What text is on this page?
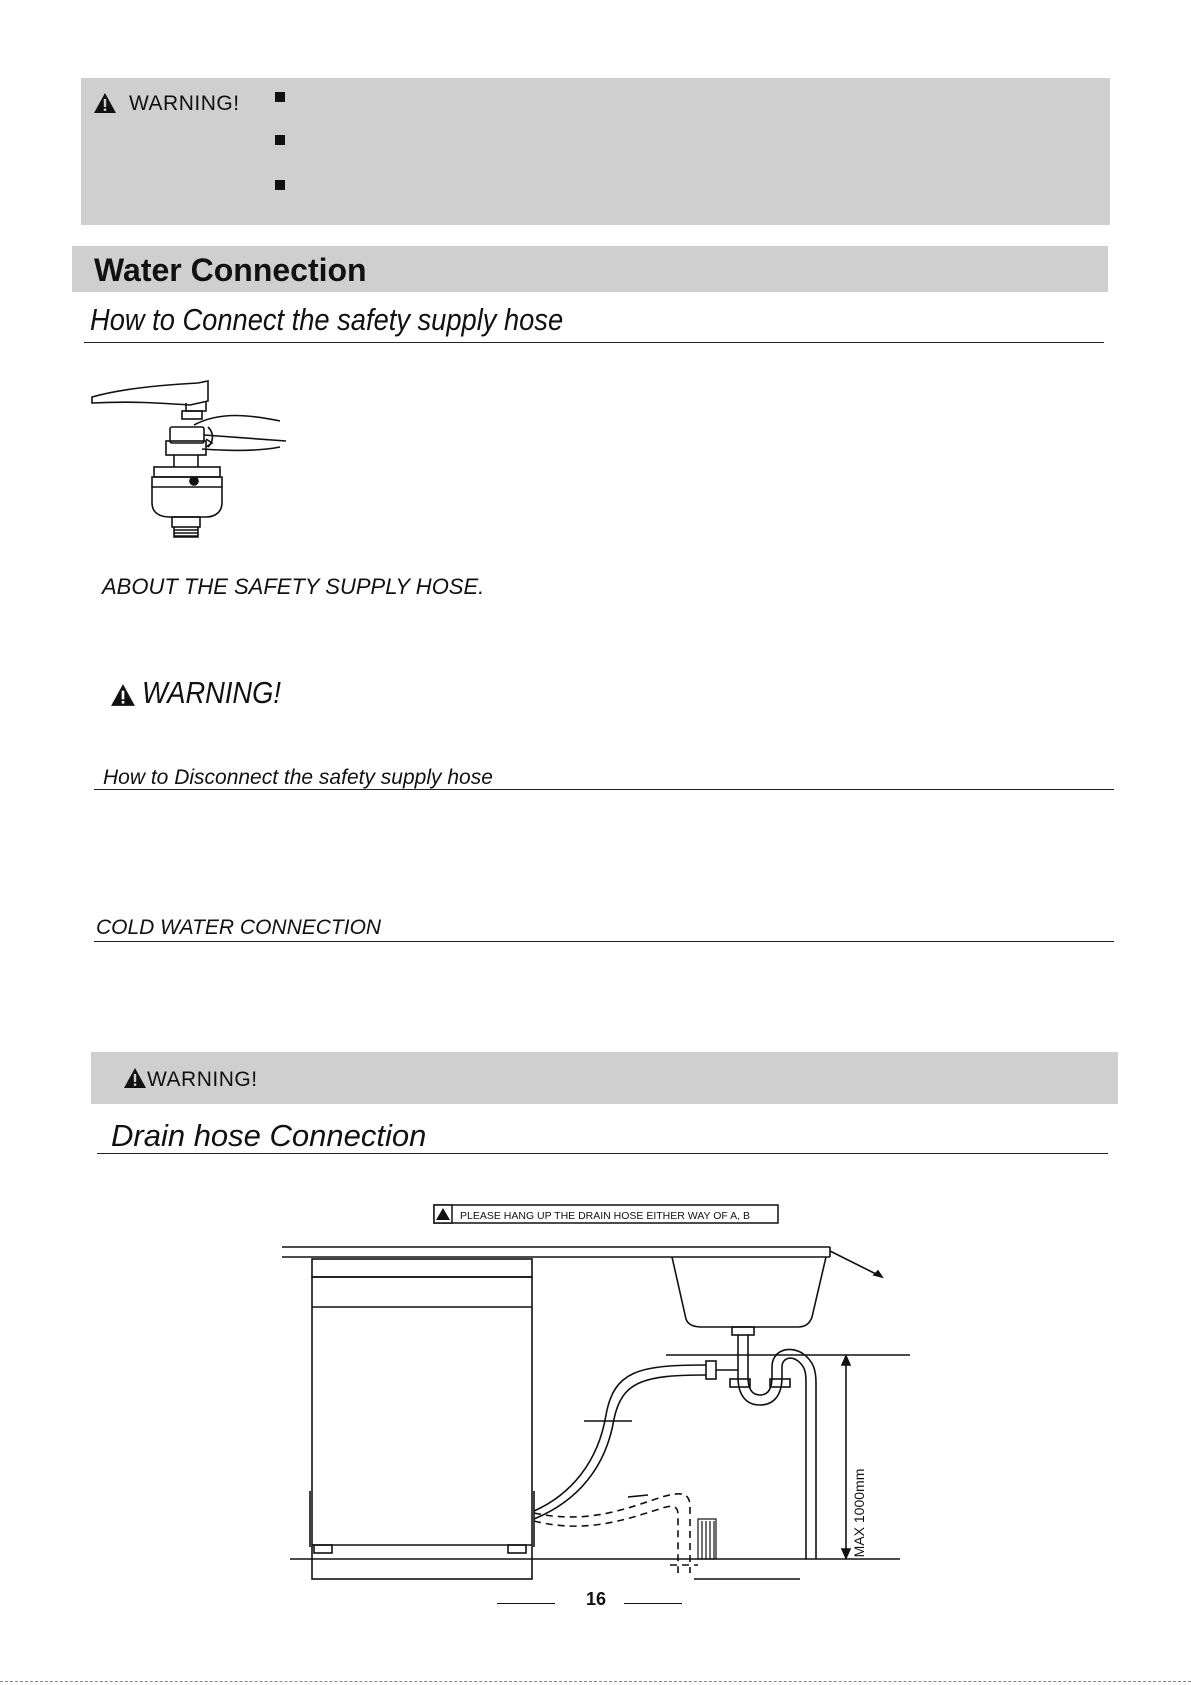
WARNING!
Water Connection
How to Connect the safety supply hose
ABOUT THE SAFETY SUPPLY HOSE.
WARNING!
How to Disconnect the safety supply hose
COLD WATER CONNECTION
WARNING!
Drain hose Connection
PLEASE HANG UP THE DRAIN HOSE EITHER WAY OF A, B
MAX 1000mm
16
